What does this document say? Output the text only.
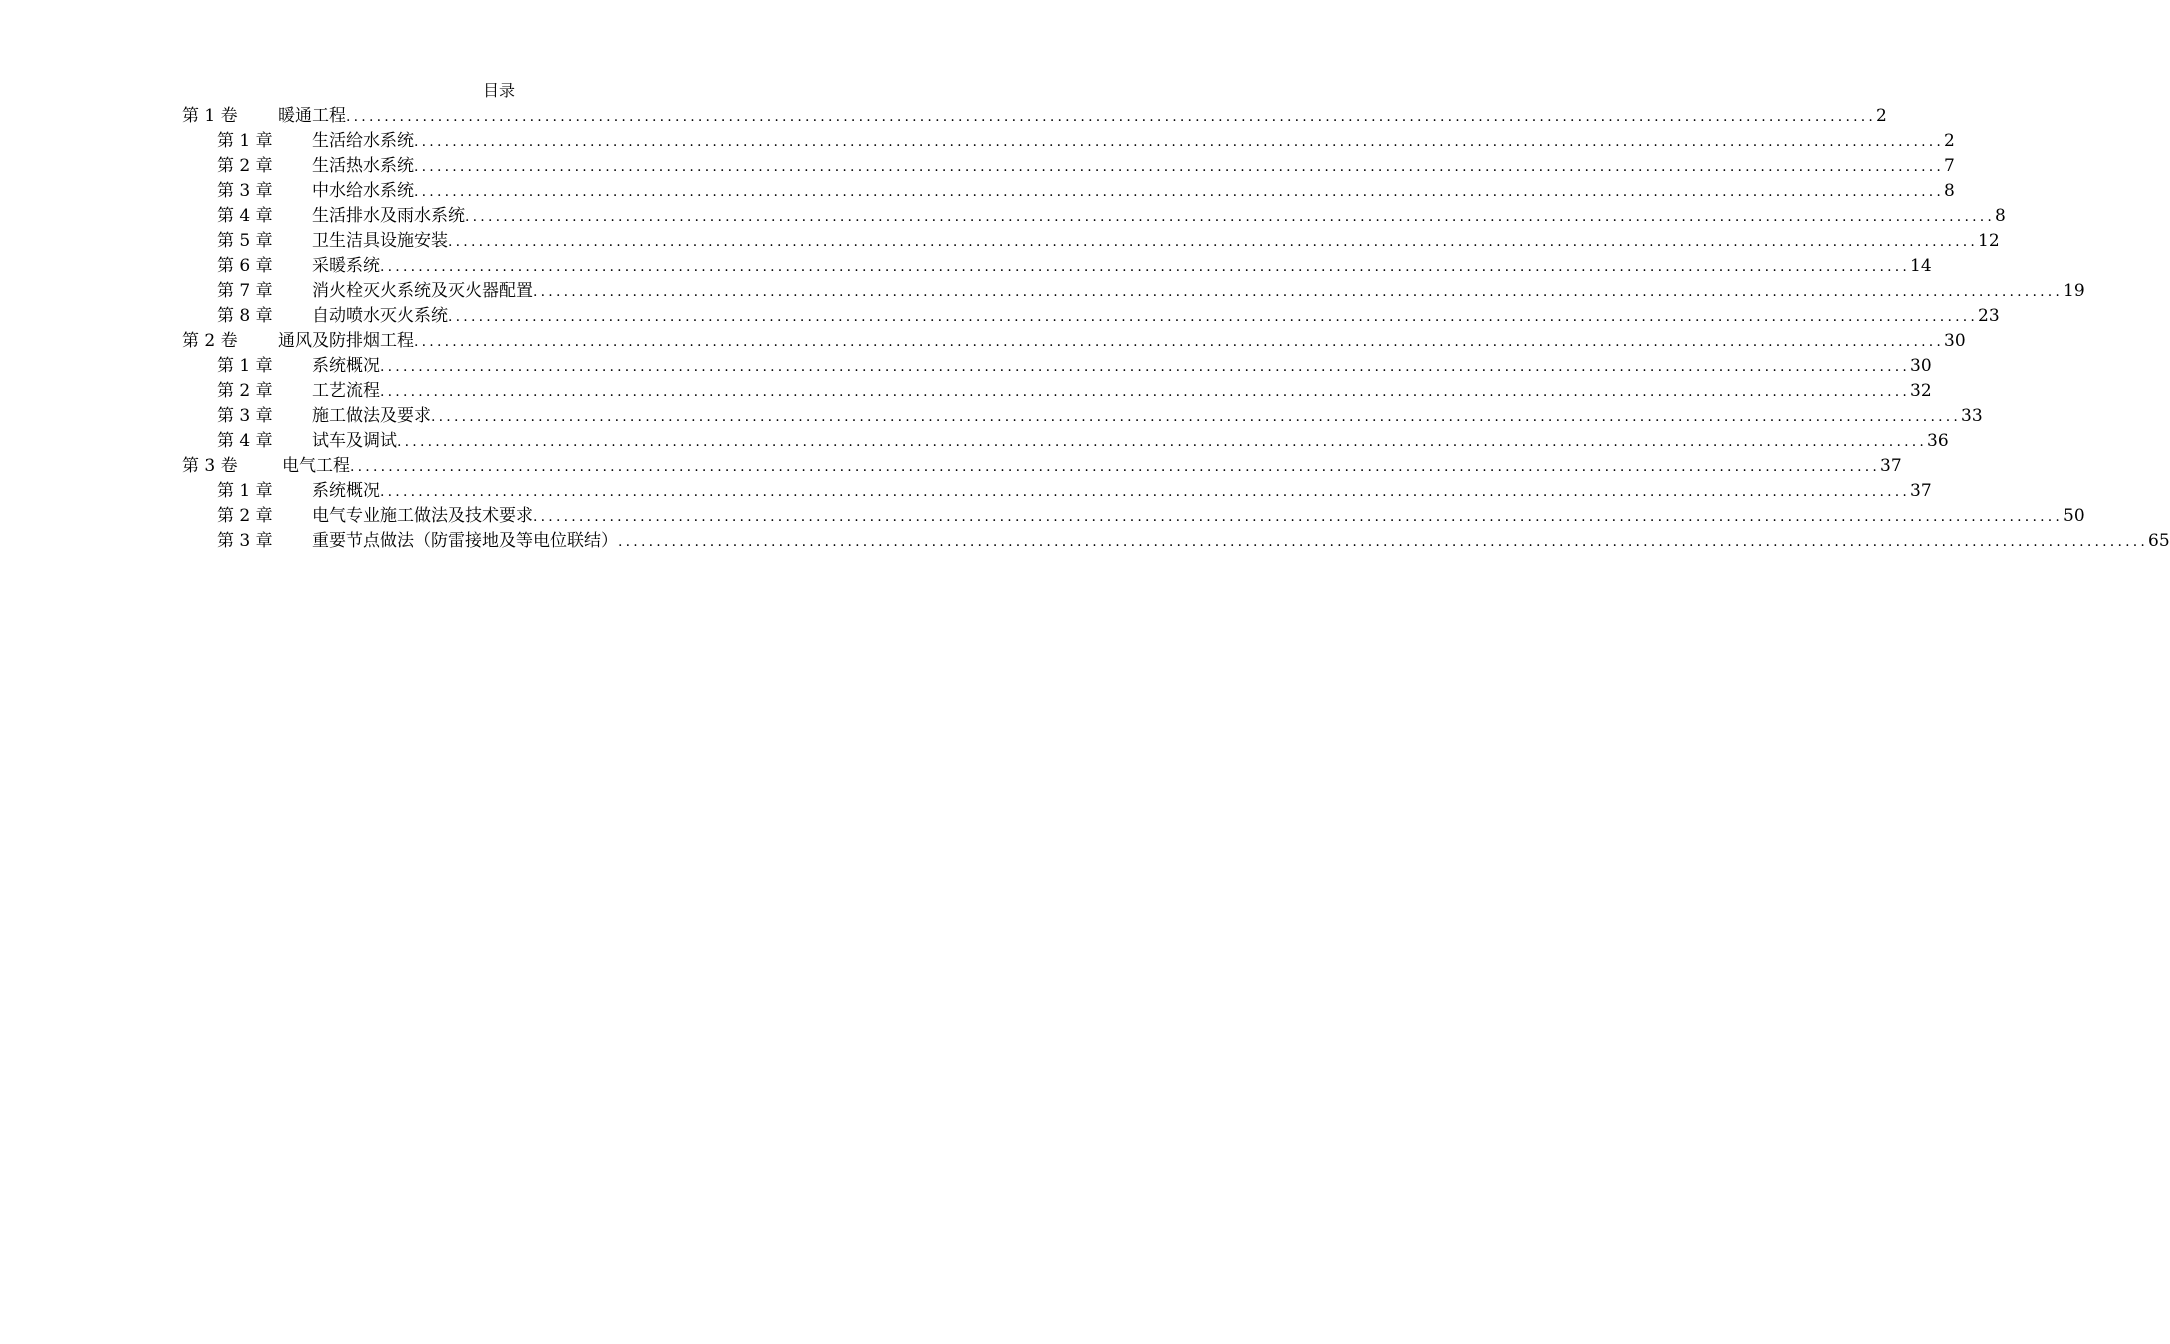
目录
第 1 卷 暖通工程 ........................................................................................................................................................................................................ 2
第 1 章 生活给水系统 ........................................................................................................................................................................................................ 2
第 2 章 生活热水系统 ........................................................................................................................................................................................................ 7
第 3 章 中水给水系统 ........................................................................................................................................................................................................ 8
第 4 章 生活排水及雨水系统 ........................................................................................................................................................................................................ 8
第 5 章 卫生洁具设施安装 ........................................................................................................................................................................................................ 12
第 6 章 采暖系统 ........................................................................................................................................................................................................ 14
第 7 章 消火栓灭火系统及灭火器配置 ........................................................................................................................................................................................................ 19
第 8 章 自动喷水灭火系统 ........................................................................................................................................................................................................ 23
第 2 卷 通风及防排烟工程 ........................................................................................................................................................................................................ 30
第 1 章 系统概况 ........................................................................................................................................................................................................ 30
第 2 章 工艺流程 ........................................................................................................................................................................................................ 32
第 3 章 施工做法及要求 ........................................................................................................................................................................................................ 33
第 4 章 试车及调试 ........................................................................................................................................................................................................ 36
第 3 卷	电气工程 ........................................................................................................................................................................................................ 37
第 1 章 系统概况 ........................................................................................................................................................................................................ 37
第 2 章 电气专业施工做法及技术要求 ........................................................................................................................................................................................................ 50
第 3 章 重要节点做法（防雷接地及等电位联结） ........................................................................................................................................................................................................ 65
